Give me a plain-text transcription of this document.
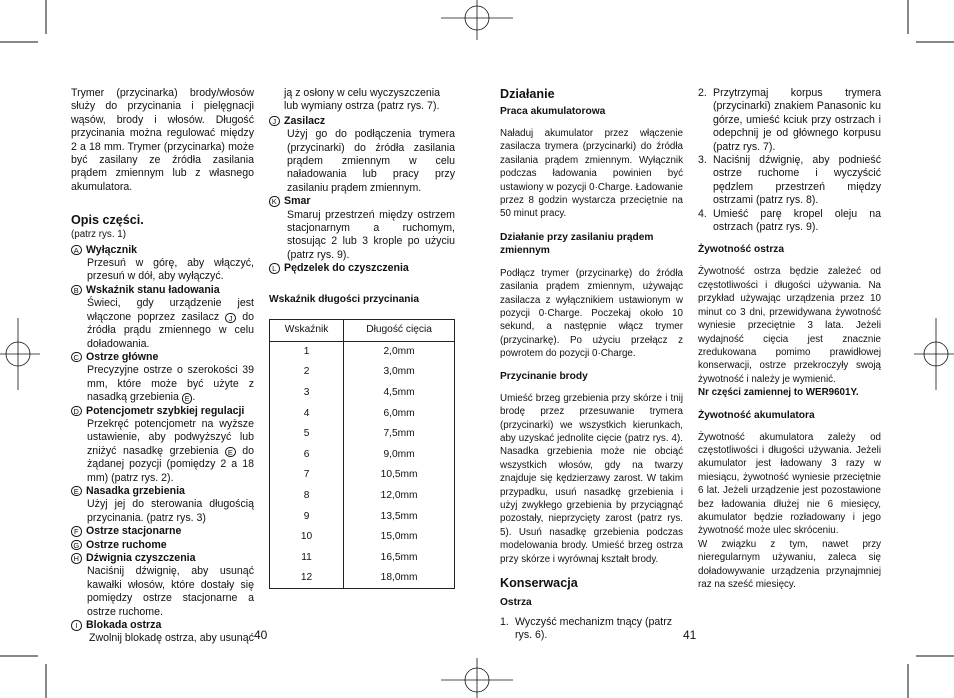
Trymer (przycinarka) brody/włosów służy do przycinania i pielęgnacji wąsów, brody i włosów. Długość przycinania można regulować między 2 a 18 mm. Trymer (przycinarka) może być zasilany ze źródła zasilania prądem zmiennym lub z własnego akumulatora.

Opis części.

(patrz rys. 1)

A Wyłącznik

Przesuń w górę, aby włączyć, przesuń w dół, aby wyłączyć.

B Wskaźnik stanu ładowania

Świeci, gdy urządzenie jest włączone poprzez zasilacz J do źródła prądu zmiennego w celu doładowania.

C Ostrze główne

Precyzyjne ostrze o szerokości 39 mm, które może być użyte z nasadką grzebienia E .

D Potencjometr szybkiej regulacji

Przekręć potencjometr na wyższe ustawienie, aby podwyższyć lub zniżyć nasadkę grzebienia E do żądanej pozycji (pomiędzy 2 a 18 mm) (patrz rys. 2).

E Nasadka grzebienia

Użyj jej do sterowania długością przycinania. (patrz rys. 3)

F Ostrze stacjonarne

G Ostrze ruchome

H Dźwignia czyszczenia

Naciśnij dźwignię, aby usunąć kawałki włosów, które dostały się pomiędzy ostrze stacjonarne a ostrze ruchome.

I Blokada ostrza

Zwolnij blokadę ostrza, aby usunąć 40

ją z osłony w celu wyczyszczenia lub wymiany ostrza (patrz rys. 7).

J Zasilacz

Użyj go do podłączenia trymera (przycinarki) do źródła zasilania prądem zmiennym w celu naładowania lub pracy przy zasilaniu prądem zmiennym.

K Smar

Smaruj przestrzeń między ostrzem stacjonarnym a ruchomym, stosując 2 lub 3 krople po użyciu (patrz rys. 9).

L Pędzelek do czyszczenia

Wskaźnik długości przycinania

Wskaźnik	Długość cięcia
1	2,0mm
2	3,0mm
3	4,5mm
4	6,0mm
5	7,5mm
6	9,0mm
7	10,5mm
8	12,0mm
9	13,5mm
10	15,0mm
11	16,5mm
12	18,0mm

Działanie

Praca akumulatorowa

Naładuj akumulator przez włączenie zasilacza trymera (przycinarki) do źródła zasilania prądem zmiennym. Wyłącznik podczas ładowania powinien być ustawiony w pozycji 0·Charge. Ładowanie przez 8 godzin wystarcza przeciętnie na 50 minut pracy.

Działanie przy zasilaniu prądem zmiennym

Podłącz trymer (przycinarkę) do źródła zasilania prądem zmiennym, używając zasilacza z wyłącznikiem ustawionym w pozycji 0·Charge. Poczekaj około 10 sekund, a następnie włącz trymer (przycinarkę). Po użyciu przełącz z powrotem do pozycji 0·Charge.

Przycinanie brody

Umieść brzeg grzebienia przy skórze i tnij brodę przez przesuwanie trymera (przycinarki) we wszystkich kierunkach, aby uzyskać jednolite cięcie (patrz rys. 4). Nasadka grzebienia może nie obciąć wszystkich włosów, gdy na twarzy znajduje się kędzierzawy zarost. W takim przypadku, usuń nasadkę grzebienia i użyj zwykłego grzebienia by przyciągnąć pozostały, nieprzycięty zarost (patrz rys. 5). Usuń nasadkę grzebienia podczas modelowania brody. Umieść brzeg ostrza przy skórze i wyrównaj kształt brody.

Konserwacja

Ostrza

1. Wyczyść mechanizm tnący (patrz rys. 6).	41
2. Przytrzymaj korpus trymera (przycinarki) znakiem Panasonic ku górze, umieść kciuk przy ostrzach i odepchnij je od głównego korpusu (patrz rys. 7).

3. Naciśnij dźwignię, aby podnieść ostrze ruchome i wyczyścić pędzlem przestrzeń między ostrzami (patrz rys. 8).

4. Umieść parę kropel oleju na ostrzach (patrz rys. 9).

Żywotność ostrza

Żywotność ostrza będzie zależeć od częstotliwości i długości używania. Na przykład używając urządzenia przez 10 minut co 3 dni, przewidywana żywotność wyniesie przeciętnie 3 lata. Jeżeli wydajność cięcia jest znacznie zredukowana pomimo prawidłowej konserwacji, ostrze przekroczyły swoją żywotność i należy je wymienić.

Nr części zamiennej to WER9601Y.

Żywotność akumulatora

Żywotność akumulatora zależy od częstotliwości i długości używania. Jeżeli akumulator jest ładowany 3 razy w miesiącu, żywotność wyniesie przeciętnie 6 lat. Jeżeli urządzenie jest pozostawione bez ładowania dłużej nie 6 miesięcy, akumulator będzie rozładowany i jego żywotność może ulec skróceniu.

W związku z tym, nawet przy nieregularnym używaniu, zaleca się doładowywanie urządzenia przynajmniej raz na sześć miesięcy.
